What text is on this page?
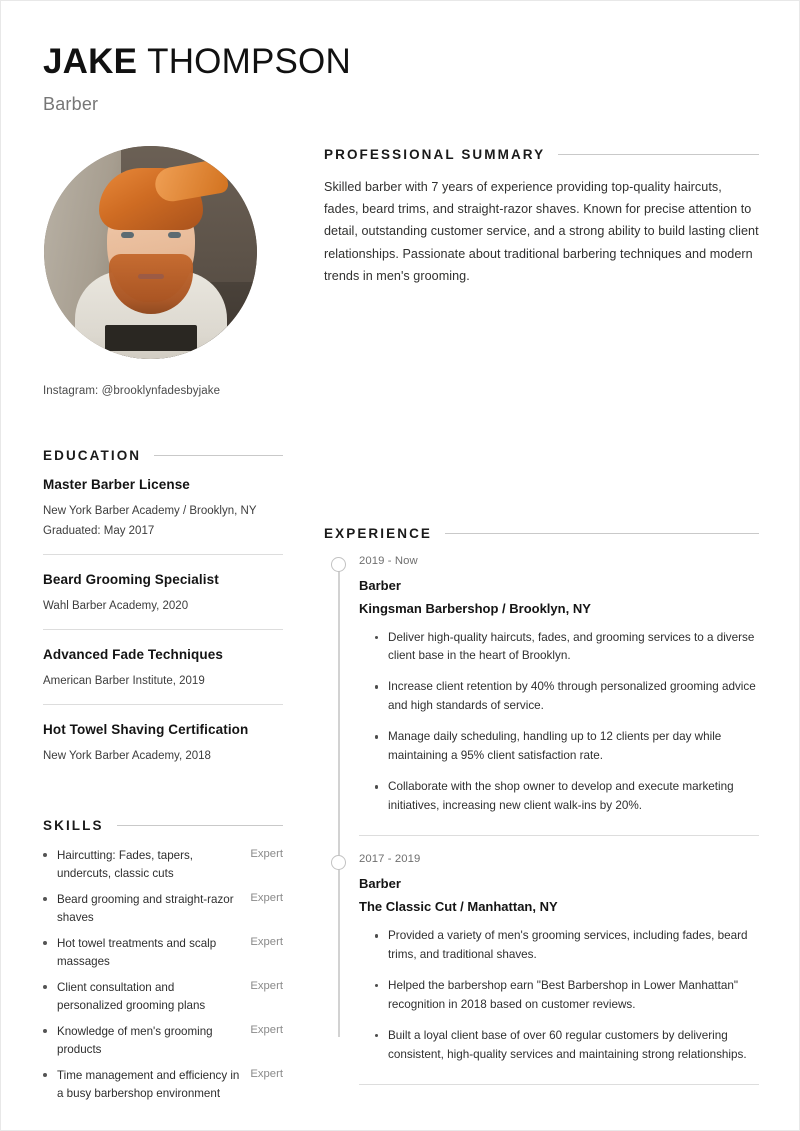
JAKE THOMPSON
Barber
Instagram: @brooklynfadesbyjake
EDUCATION
Master Barber License
New York Barber Academy / Brooklyn, NY
Graduated: May 2017
Beard Grooming Specialist
Wahl Barber Academy, 2020
Advanced Fade Techniques
American Barber Institute, 2019
Hot Towel Shaving Certification
New York Barber Academy, 2018
SKILLS
Haircutting: Fades, tapers, undercuts, classic cuts
Expert
Beard grooming and straight-razor shaves
Expert
Hot towel treatments and scalp massages
Expert
Client consultation and personalized grooming plans
Expert
Knowledge of men's grooming products
Expert
Time management and efficiency in a busy barbershop environment
Expert
PROFESSIONAL SUMMARY
Skilled barber with 7 years of experience providing top-quality haircuts, fades, beard trims, and straight-razor shaves. Known for precise attention to detail, outstanding customer service, and a strong ability to build lasting client relationships. Passionate about traditional barbering techniques and modern trends in men's grooming.
EXPERIENCE
2019 - Now
Barber
Kingsman Barbershop / Brooklyn, NY
Deliver high-quality haircuts, fades, and grooming services to a diverse client base in the heart of Brooklyn.
Increase client retention by 40% through personalized grooming advice and high standards of service.
Manage daily scheduling, handling up to 12 clients per day while maintaining a 95% client satisfaction rate.
Collaborate with the shop owner to develop and execute marketing initiatives, increasing new client walk-ins by 20%.
2017 - 2019
Barber
The Classic Cut / Manhattan, NY
Provided a variety of men's grooming services, including fades, beard trims, and traditional shaves.
Helped the barbershop earn "Best Barbershop in Lower Manhattan" recognition in 2018 based on customer reviews.
Built a loyal client base of over 60 regular customers by delivering consistent, high-quality services and maintaining strong relationships.
